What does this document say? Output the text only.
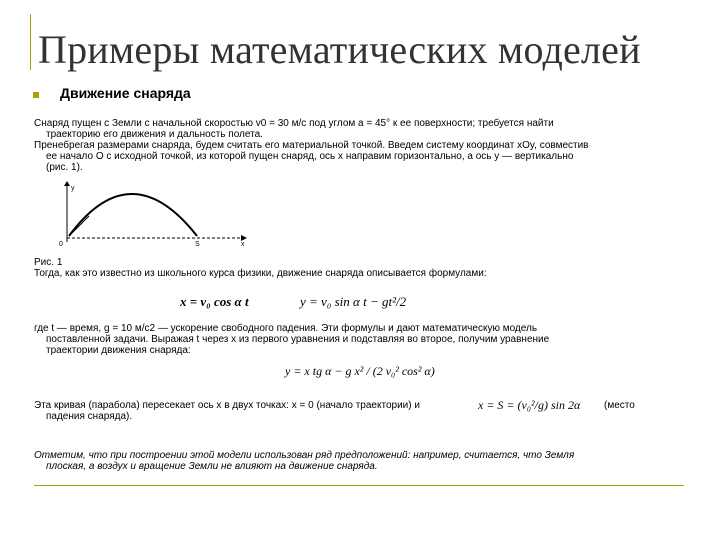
Примеры математических моделей
Движение снаряда
Снаряд пущен с Земли с начальной скоростью v0 = 30 м/с под углом a = 45° к ее поверхности; требуется найти
траекторию его движения и дальность полета.
Пренебрегая размерами снаряда, будем считать его материальной точкой. Введем систему координат xOy, совместив
ее начало О с исходной точкой, из которой пущен снаряд, ось х направим горизонтально, а ось у — вертикально
(рис. 1).
y
0	S	x
Рис. 1
Тогда, как это известно из школьного курса физики, движение снаряда описывается формулами:
x = v₀ cos α t	y = v₀ sin α t − gt²/2
где t — время, g = 10 м/с2 — ускорение свободного падения. Эти формулы и дают математическую модель
поставленной задачи. Выражая t через х из первого уравнения и подставляя во второе, получим уравнение
траектории движения снаряда:
y = x tg α − g x² / (2 v₀² cos² α)
Эта кривая (парабола) пересекает ось х в двух точках: х = 0 (начало траектории) и
падения снаряда).
x = S = (v₀²/g) sin 2α (место
Отметим, что при построении этой модели использован ряд предположений: например, считается, что Земля
плоская, а воздух и вращение Земли не влияют на движение снаряда.
